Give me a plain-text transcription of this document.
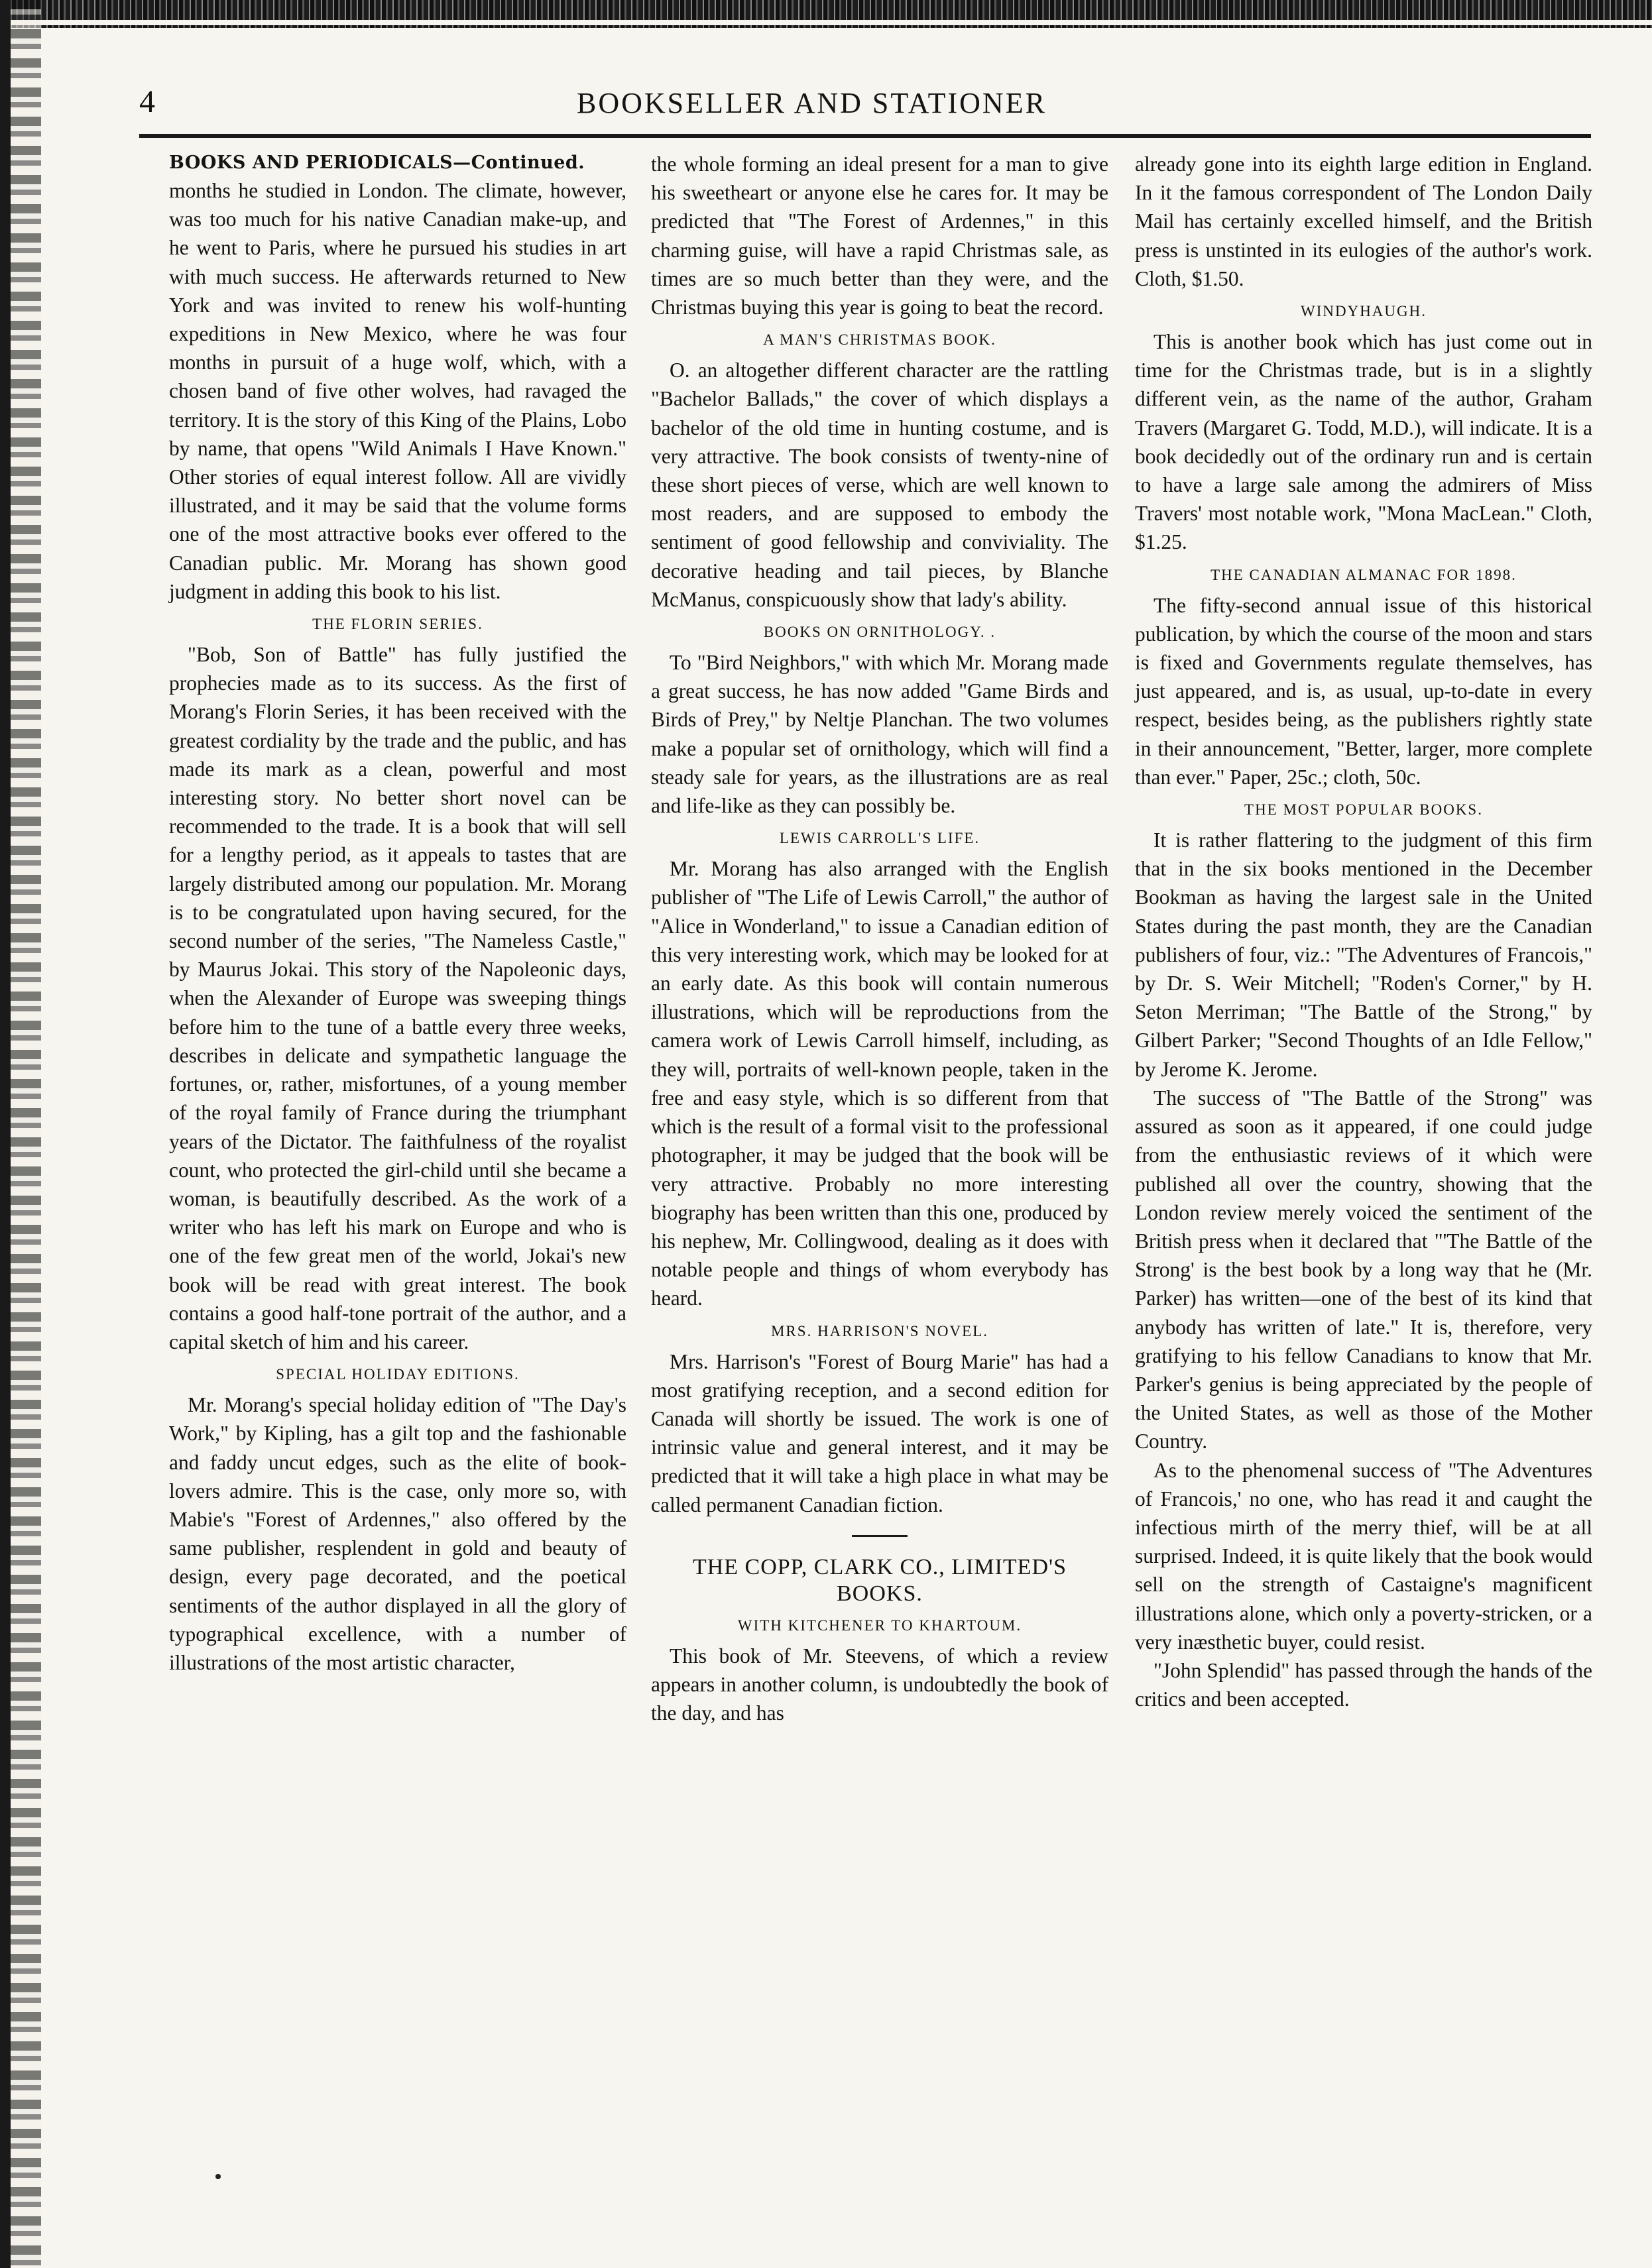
4	BOOKSELLER AND STATIONER

BOOKS AND PERIODICALS—Continued.

months he studied in London. The climate, however, was too much for his native Canadian make-up, and he went to Paris, where he pursued his studies in art with much success. He afterwards returned to New York and was invited to renew his wolf-hunting expeditions in New Mexico, where he was four months in pursuit of a huge wolf, which, with a chosen band of five other wolves, had ravaged the territory. It is the story of this King of the Plains, Lobo by name, that opens "Wild Animals I Have Known." Other stories of equal interest follow. All are vividly illustrated, and it may be said that the volume forms one of the most attractive books ever offered to the Canadian public. Mr. Morang has shown good judgment in adding this book to his list.

THE FLORIN SERIES.

"Bob, Son of Battle" has fully justified the prophecies made as to its success. As the first of Morang's Florin Series, it has been received with the greatest cordiality by the trade and the public, and has made its mark as a clean, powerful and most interesting story. No better short novel can be recommended to the trade. It is a book that will sell for a lengthy period, as it appeals to tastes that are largely distributed among our population. Mr. Morang is to be congratulated upon having secured, for the second number of the series, "The Nameless Castle," by Maurus Jokai. This story of the Napoleonic days, when the Alexander of Europe was sweeping things before him to the tune of a battle every three weeks, describes in delicate and sympathetic language the fortunes, or, rather, misfortunes, of a young member of the royal family of France during the triumphant years of the Dictator. The faithfulness of the royalist count, who protected the girl-child until she became a woman, is beautifully described. As the work of a writer who has left his mark on Europe and who is one of the few great men of the world, Jokai's new book will be read with great interest. The book contains a good half-tone portrait of the author, and a capital sketch of him and his career.

SPECIAL HOLIDAY EDITIONS.

Mr. Morang's special holiday edition of "The Day's Work," by Kipling, has a gilt top and the fashionable and faddy uncut edges, such as the elite of book-lovers admire. This is the case, only more so, with Mabie's "Forest of Ardennes," also offered by the same publisher, resplendent in gold and beauty of design, every page decorated, and the poetical sentiments of the author displayed in all the glory of typographical excellence, with a number of illustrations of the most artistic character,

the whole forming an ideal present for a man to give his sweetheart or anyone else he cares for. It may be predicted that "The Forest of Ardennes," in this charming guise, will have a rapid Christmas sale, as times are so much better than they were, and the Christmas buying this year is going to beat the record.

A MAN'S CHRISTMAS BOOK.

O. an altogether different character are the rattling "Bachelor Ballads," the cover of which displays a bachelor of the old time in hunting costume, and is very attractive. The book consists of twenty-nine of these short pieces of verse, which are well known to most readers, and are supposed to embody the sentiment of good fellowship and conviviality. The decorative heading and tail pieces, by Blanche McManus, conspicuously show that lady's ability.

BOOKS ON ORNITHOLOGY. .

To "Bird Neighbors," with which Mr. Morang made a great success, he has now added "Game Birds and Birds of Prey," by Neltje Planchan. The two volumes make a popular set of ornithology, which will find a steady sale for years, as the illustrations are as real and life-like as they can possibly be.

LEWIS CARROLL'S LIFE.

Mr. Morang has also arranged with the English publisher of "The Life of Lewis Carroll," the author of "Alice in Wonderland," to issue a Canadian edition of this very interesting work, which may be looked for at an early date. As this book will contain numerous illustrations, which will be reproductions from the camera work of Lewis Carroll himself, including, as they will, portraits of well-known people, taken in the free and easy style, which is so different from that which is the result of a formal visit to the professional photographer, it may be judged that the book will be very attractive. Probably no more interesting biography has been written than this one, produced by his nephew, Mr. Collingwood, dealing as it does with notable people and things of whom everybody has heard.

MRS. HARRISON'S NOVEL.

Mrs. Harrison's "Forest of Bourg Marie" has had a most gratifying reception, and a second edition for Canada will shortly be issued. The work is one of intrinsic value and general interest, and it may be predicted that it will take a high place in what may be called permanent Canadian fiction.

THE COPP, CLARK CO., LIMITED'S BOOKS.

WITH KITCHENER TO KHARTOUM.

This book of Mr. Steevens, of which a review appears in another column, is undoubtedly the book of the day, and has

already gone into its eighth large edition in England. In it the famous correspondent of The London Daily Mail has certainly excelled himself, and the British press is unstinted in its eulogies of the author's work. Cloth, $1.50.

WINDYHAUGH.

This is another book which has just come out in time for the Christmas trade, but is in a slightly different vein, as the name of the author, Graham Travers (Margaret G. Todd, M.D.), will indicate. It is a book decidedly out of the ordinary run and is certain to have a large sale among the admirers of Miss Travers' most notable work, "Mona MacLean." Cloth, $1.25.

THE CANADIAN ALMANAC FOR 1898.

The fifty-second annual issue of this historical publication, by which the course of the moon and stars is fixed and Governments regulate themselves, has just appeared, and is, as usual, up-to-date in every respect, besides being, as the publishers rightly state in their announcement, "Better, larger, more complete than ever." Paper, 25c.; cloth, 50c.

THE MOST POPULAR BOOKS.

It is rather flattering to the judgment of this firm that in the six books mentioned in the December Bookman as having the largest sale in the United States during the past month, they are the Canadian publishers of four, viz.: "The Adventures of Francois," by Dr. S. Weir Mitchell; "Roden's Corner," by H. Seton Merriman; "The Battle of the Strong," by Gilbert Parker; "Second Thoughts of an Idle Fellow," by Jerome K. Jerome.

The success of "The Battle of the Strong" was assured as soon as it appeared, if one could judge from the enthusiastic reviews of it which were published all over the country, showing that the London review merely voiced the sentiment of the British press when it declared that "'The Battle of the Strong' is the best book by a long way that he (Mr. Parker) has written—one of the best of its kind that anybody has written of late." It is, therefore, very gratifying to his fellow Canadians to know that Mr. Parker's genius is being appreciated by the people of the United States, as well as those of the Mother Country.

As to the phenomenal success of "The Adventures of Francois,' no one, who has read it and caught the infectious mirth of the merry thief, will be at all surprised. Indeed, it is quite likely that the book would sell on the strength of Castaigne's magnificent illustrations alone, which only a poverty-stricken, or a very inæsthetic buyer, could resist.

"John Splendid" has passed through the hands of the critics and been accepted.
